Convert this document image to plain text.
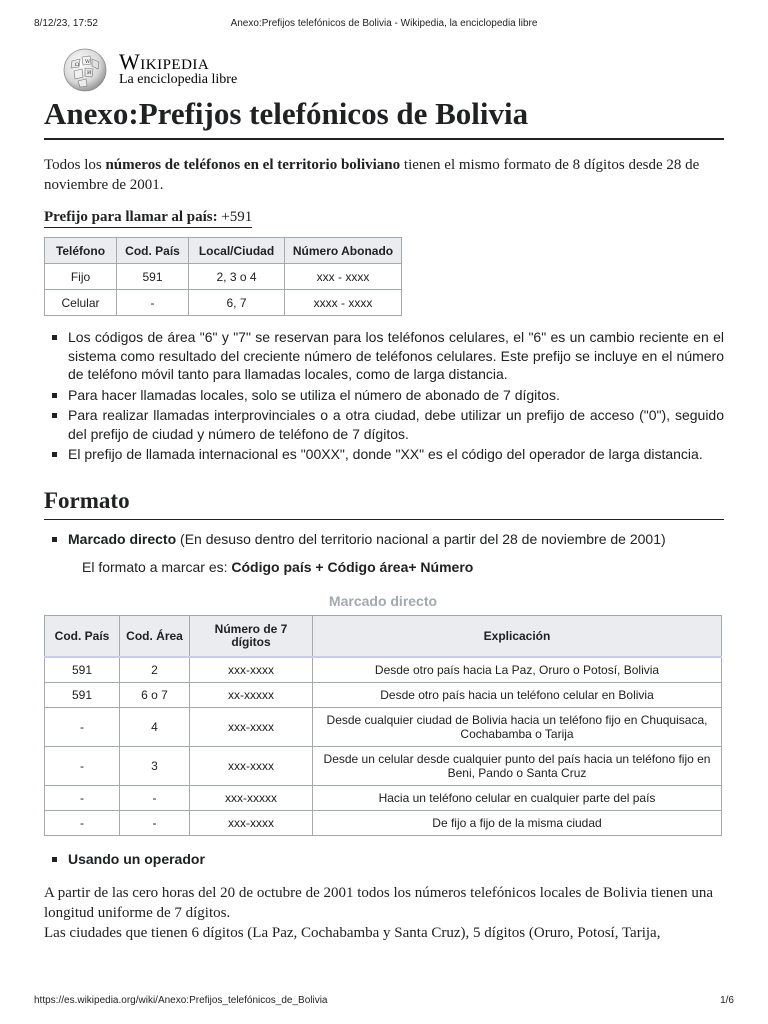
8/12/23, 17:52	Anexo:Prefijos telefónicos de Bolivia - Wikipedia, la enciclopedia libre
Ω W
И Wikipedia
La enciclopedia libre
Anexo:Prefijos telefónicos de Bolivia

Todos los números de teléfonos en el territorio boliviano tienen el mismo formato de 8 dígitos desde 28 de noviembre de 2001.

Prefijo para llamar al país: +591
Teléfono	Cod. País	Local/Ciudad	Número Abonado
Fijo	591	2, 3 o 4	xxx - xxxx
Celular	-	6, 7	xxxx - xxxx
Los códigos de área "6" y "7" se reservan para los teléfonos celulares, el "6" es un cambio reciente en el sistema como resultado del creciente número de teléfonos celulares. Este prefijo se incluye en el número de teléfono móvil tanto para llamadas locales, como de larga distancia.
Para hacer llamadas locales, solo se utiliza el número de abonado de 7 dígitos.
Para realizar llamadas interprovinciales o a otra ciudad, debe utilizar un prefijo de acceso ("0"), seguido del prefijo de ciudad y número de teléfono de 7 dígitos.
El prefijo de llamada internacional es "00XX", donde "XX" es el código del operador de larga distancia.
Formato
Marcado directo (En desuso dentro del territorio nacional a partir del 28 de noviembre de 2001)
El formato a marcar es: Código país + Código área+ Número
Marcado directo
Cod. País	Cod. Área	Número de 7 dígitos	Explicación
591	2	xxx-xxxx	Desde otro país hacia La Paz, Oruro o Potosí, Bolivia
591	6 o 7	xx-xxxxx	Desde otro país hacia un teléfono celular en Bolivia
-	4	xxx-xxxx	Desde cualquier ciudad de Bolivia hacia un teléfono fijo en Chuquisaca, Cochabamba o Tarija
-	3	xxx-xxxx	Desde un celular desde cualquier punto del país hacia un teléfono fijo en Beni, Pando o Santa Cruz
-	-	xxx-xxxxx	Hacia un teléfono celular en cualquier parte del país
-	-	xxx-xxxx	De fijo a fijo de la misma ciudad
Usando un operador

A partir de las cero horas del 20 de octubre de 2001 todos los números telefónicos locales de Bolivia tienen una longitud uniforme de 7 dígitos.

Las ciudades que tienen 6 dígitos (La Paz, Cochabamba y Santa Cruz), 5 dígitos (Oruro, Potosí, Tarija,

https://es.wikipedia.org/wiki/Anexo:Prefijos_telefónicos_de_Bolivia	1/6
